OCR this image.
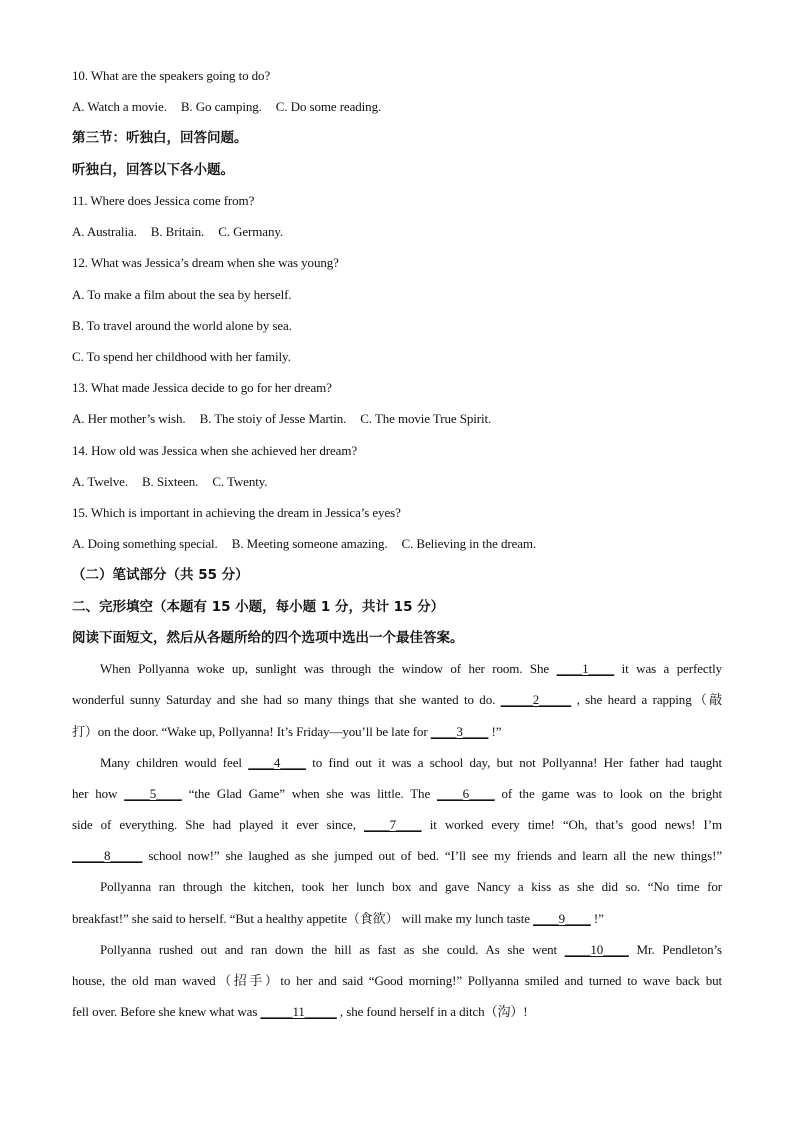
10. What are the speakers going to do?
A. Watch a movie. B. Go camping. C. Do some reading.
第三节：听独白，回答问题。
听独白，回答以下各小题。
11. Where does Jessica come from?
A. Australia. B. Britain. C. Germany.
12. What was Jessica’s dream when she was young?
A. To make a film about the sea by herself.
B. To travel around the world alone by sea.
C. To spend her childhood with her family.
13. What made Jessica decide to go for her dream?
A. Her mother’s wish. B. The stoiy of Jesse Martin. C. The movie True Spirit.
14. How old was Jessica when she achieved her dream?
A. Twelve. B. Sixteen. C. Twenty.
15. Which is important in achieving the dream in Jessica’s eyes?
A. Doing something special. B. Meeting someone amazing. C. Believing in the dream.
（二）笔试部分（共 55 分）
二、完形填空（本题有 15 小题，每小题 1 分，共计 15 分）
阅读下面短文，然后从各题所给的四个选项中选出一个最佳答案。
When Pollyanna woke up, sunlight was through the window of her room. She ____1____ it was a perfectly
wonderful sunny Saturday and she had so many things that she wanted to do. _____2_____ , she heard a rapping（敲
打）on the door. “Wake up, Pollyanna! It’s Friday—you’ll be late for ____3____ !”
Many children would feel ____4____ to find out it was a school day, but not Pollyanna! Her father had taught
her how ____5____ “the Glad Game” when she was little. The ____6____ of the game was to look on the bright
side of everything. She had played it ever since, ____7____ it worked every time! “Oh, that’s good news! I’m
_____8_____ school now!” she laughed as she jumped out of bed. “I’ll see my friends and learn all the new things!”
Pollyanna ran through the kitchen, took her lunch box and gave Nancy a kiss as she did so. “No time for
breakfast!” she said to herself. “But a healthy appetite（食欲） will make my lunch taste ____9____ !”
Pollyanna rushed out and ran down the hill as fast as she could. As she went ____10____ Mr. Pendleton’s
house, the old man waved（招手）to her and said “Good morning!” Pollyanna smiled and turned to wave back but
fell over. Before she knew what was _____11_____ , she found herself in a ditch（沟）!
